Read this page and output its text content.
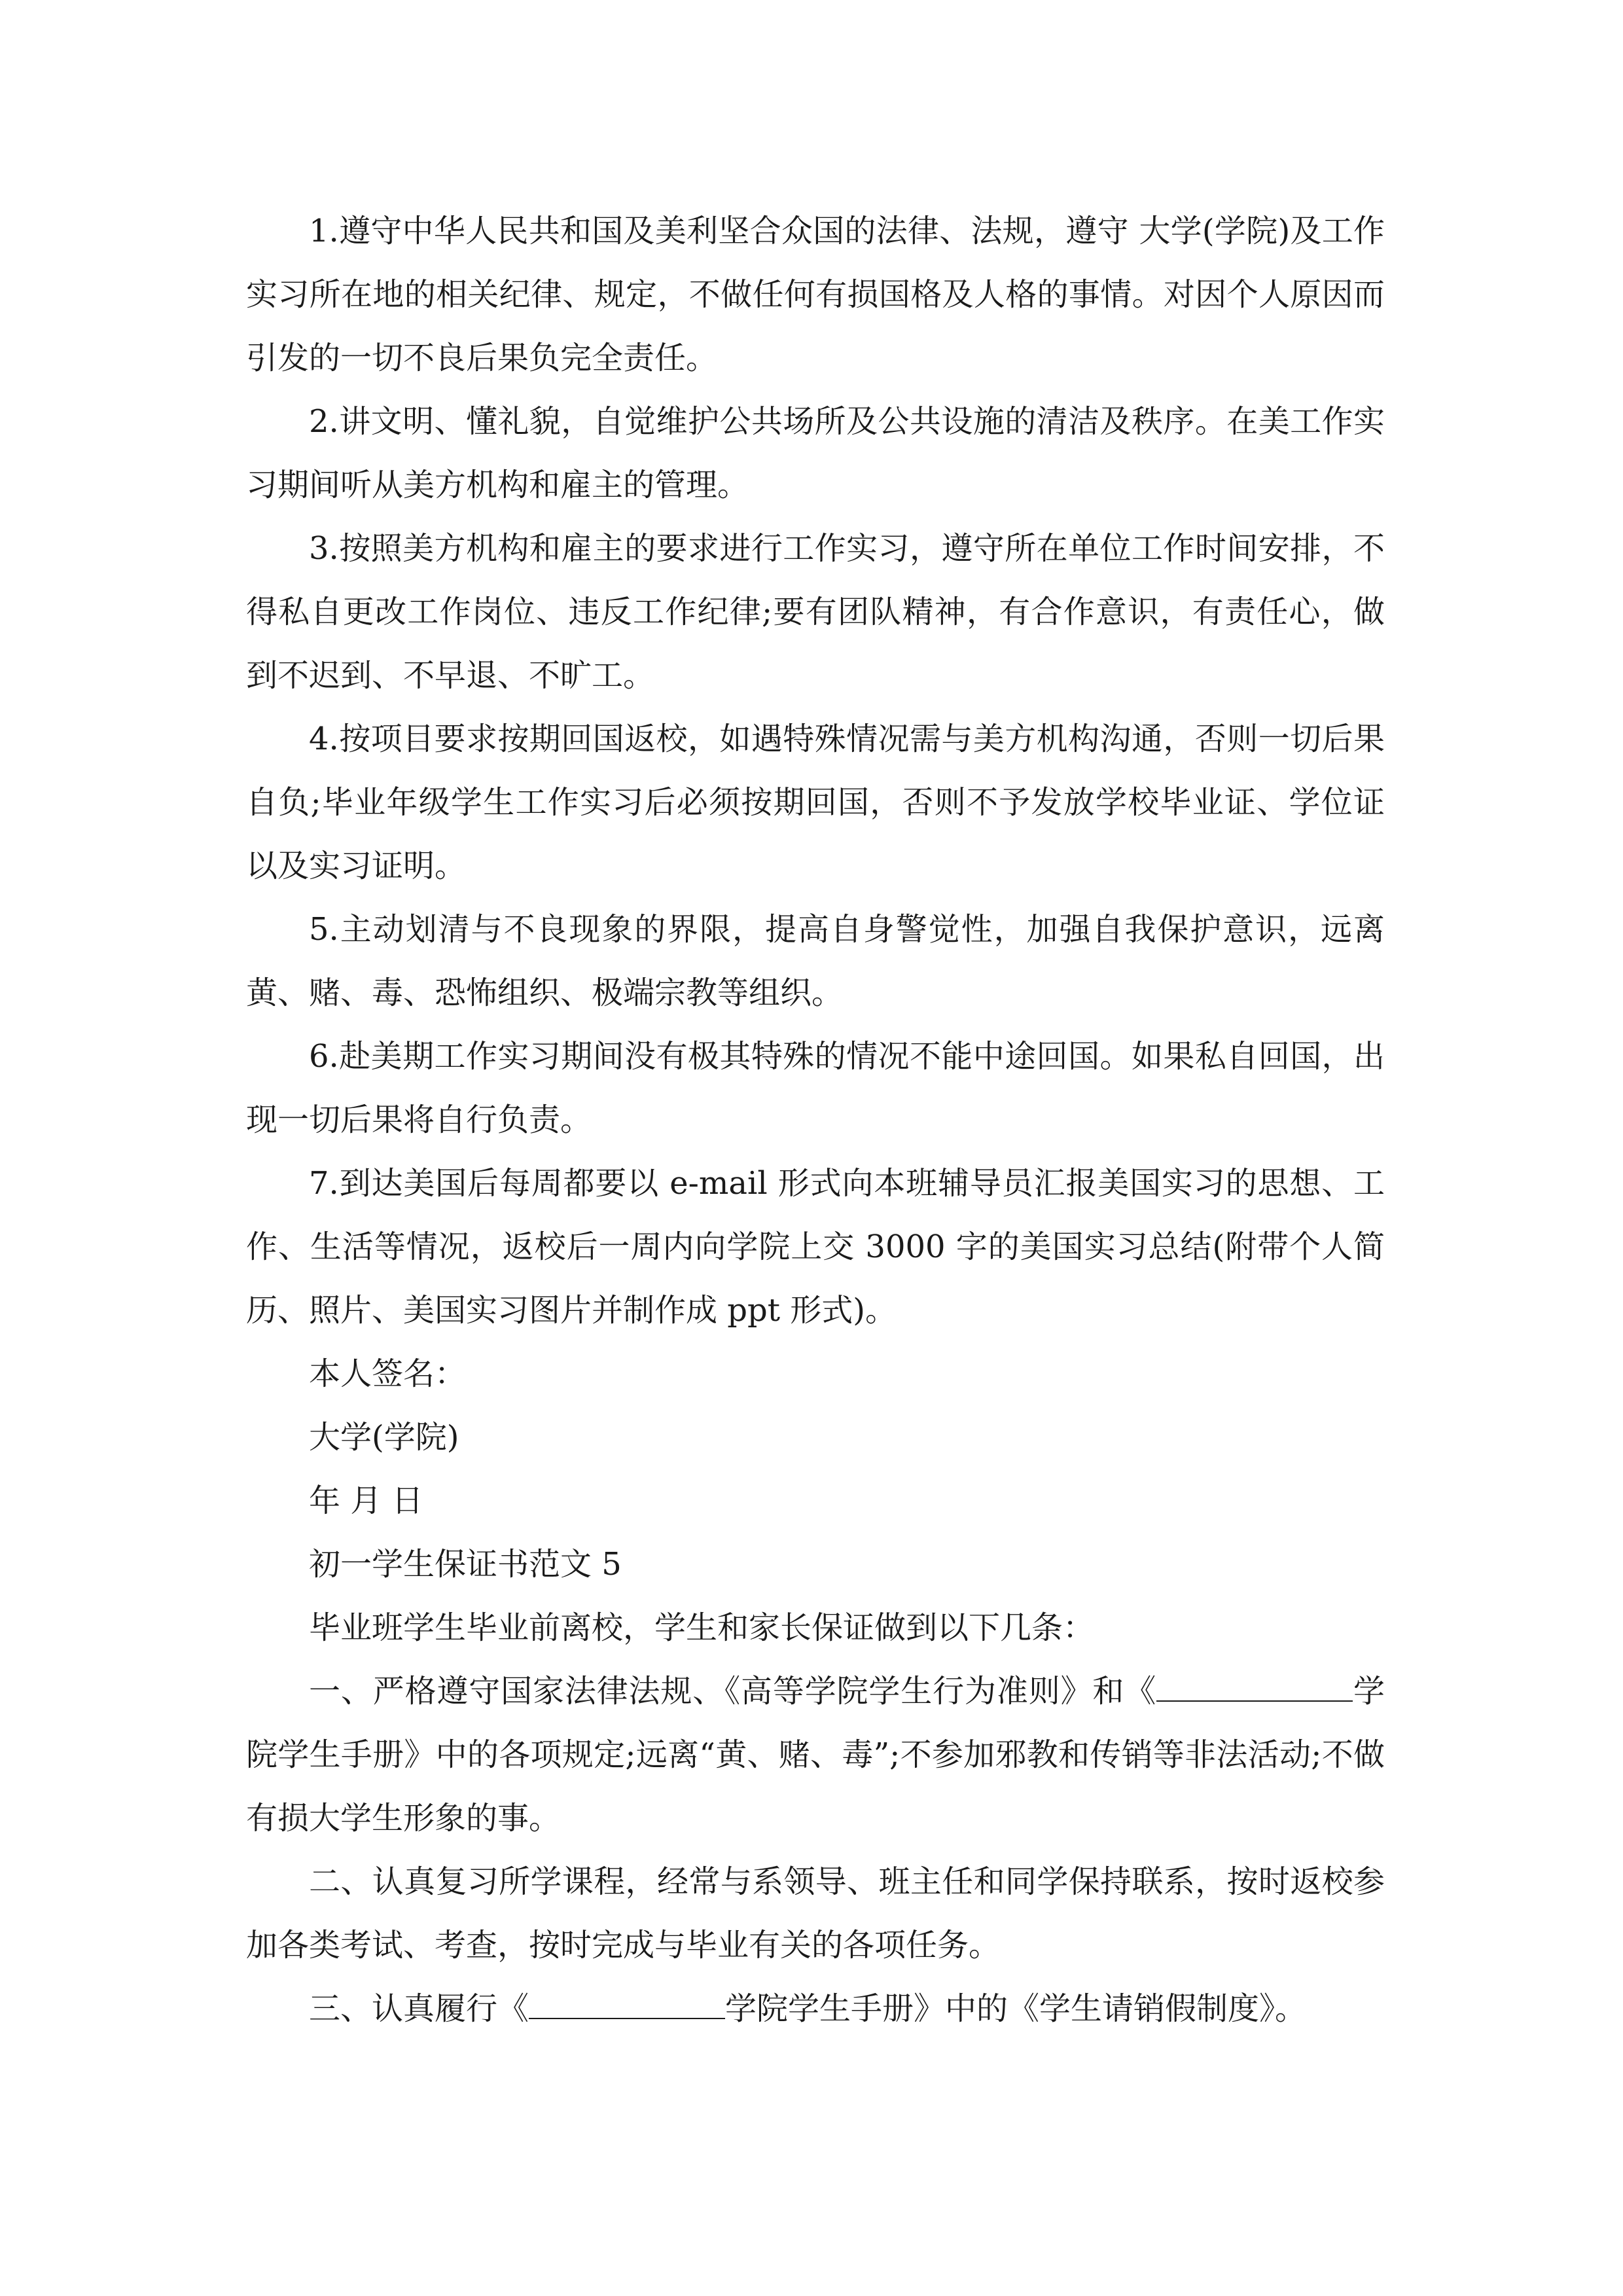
1.遵守中华人民共和国及美利坚合众国的法律、法规，遵守 大学(学院)及工作实习所在地的相关纪律、规定，不做任何有损国格及人格的事情。对因个人原因而引发的一切不良后果负完全责任。

2.讲文明、懂礼貌，自觉维护公共场所及公共设施的清洁及秩序。在美工作实习期间听从美方机构和雇主的管理。

3.按照美方机构和雇主的要求进行工作实习，遵守所在单位工作时间安排，不得私自更改工作岗位、违反工作纪律;要有团队精神，有合作意识，有责任心，做到不迟到、不早退、不旷工。

4.按项目要求按期回国返校，如遇特殊情况需与美方机构沟通，否则一切后果自负;毕业年级学生工作实习后必须按期回国，否则不予发放学校毕业证、学位证以及实习证明。

5.主动划清与不良现象的界限，提高自身警觉性，加强自我保护意识，远离黄、赌、毒、恐怖组织、极端宗教等组织。

6.赴美期工作实习期间没有极其特殊的情况不能中途回国。如果私自回国，出现一切后果将自行负责。

7.到达美国后每周都要以 e-mail 形式向本班辅导员汇报美国实习的思想、工作、生活等情况，返校后一周内向学院上交 3000 字的美国实习总结(附带个人简历、照片、美国实习图片并制作成 ppt 形式)。

本人签名：

大学(学院)

年 月 日

初一学生保证书范文 5

毕业班学生毕业前离校，学生和家长保证做到以下几条：

一、严格遵守国家法律法规、《高等学院学生行为准则》和《	学院学生手册》中的各项规定;远离“黄、赌、毒”;不参加邪教和传销等非法活动;不做有损大学生形象的事。

二、认真复习所学课程，经常与系领导、班主任和同学保持联系，按时返校参加各类考试、考查，按时完成与毕业有关的各项任务。

三、认真履行《	学院学生手册》中的《学生请销假制度》。
